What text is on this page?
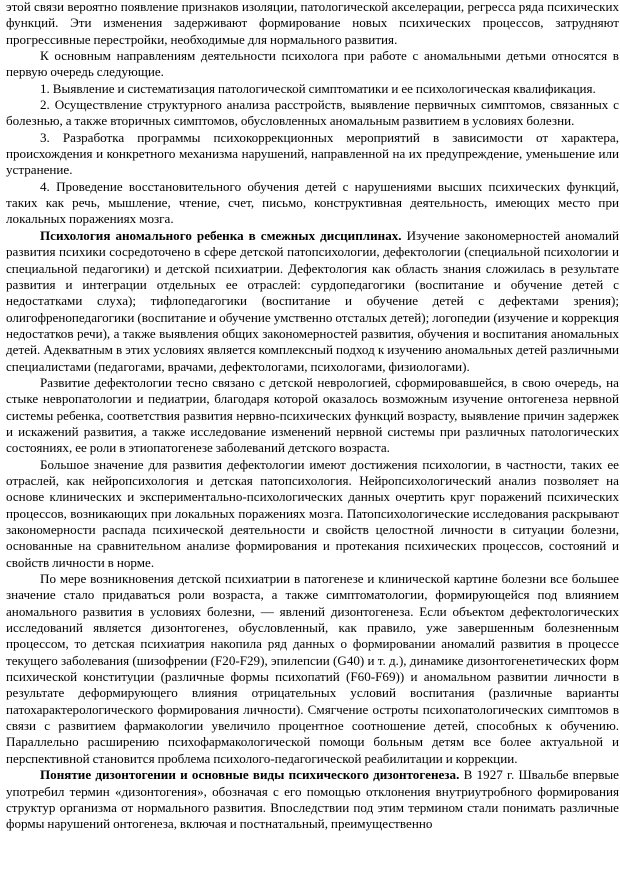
этой связи вероятно появление признаков изоляции, патологической акселерации, регресса ряда психических функций. Эти изменения задерживают формирование новых психических процессов, затрудняют прогрессивные перестройки, необходимые для нормального развития.

К основным направлениям деятельности психолога при работе с аномальными детьми относятся в первую очередь следующие.

1. Выявление и систематизация патологической симптоматики и ее психологическая квалификация.

2. Осуществление структурного анализа расстройств, выявление первичных симптомов, связанных с болезнью, а также вторичных симптомов, обусловленных аномальным развитием в условиях болезни.

3. Разработка программы психокоррекционных мероприятий в зависимости от характера, происхождения и конкретного механизма нарушений, направленной на их предупреждение, уменьшение или устранение.

4. Проведение восстановительного обучения детей с нарушениями высших психических функций, таких как речь, мышление, чтение, счет, письмо, конструктивная деятельность, имеющих место при локальных поражениях мозга.

Психология аномального ребенка в смежных дисциплинах. Изучение закономерностей аномалий развития психики сосредоточено в сфере детской патопсихологии, дефектологии (специальной психологии и специальной педагогики) и детской психиатрии. Дефектология как область знания сложилась в результате развития и интеграции отдельных ее отраслей: сурдопедагогики (воспитание и обучение детей с недостатками слуха); тифлопедагогики (воспитание и обучение детей с дефектами зрения); олигофренопедагогики (воспитание и обучение умственно отсталых детей); логопедии (изучение и коррекция недостатков речи), а также выявления общих закономерностей развития, обучения и воспитания аномальных детей. Адекватным в этих условиях является комплексный подход к изучению аномальных детей различными специалистами (педагогами, врачами, дефектологами, психологами, физиологами).

Развитие дефектологии тесно связано с детской неврологией, сформировавшейся, в свою очередь, на стыке невропатологии и педиатрии, благодаря которой оказалось возможным изучение онтогенеза нервной системы ребенка, соответствия развития нервно-психических функций возрасту, выявление причин задержек и искажений развития, а также исследование изменений нервной системы при различных патологических состояниях, ее роли в этиопатогенезе заболеваний детского возраста.

Большое значение для развития дефектологии имеют достижения психологии, в частности, таких ее отраслей, как нейропсихология и детская патопсихология. Нейропсихологический анализ позволяет на основе клинических и экспериментально-психологических данных очертить круг поражений психических процессов, возникающих при локальных поражениях мозга. Патопсихологические исследования раскрывают закономерности распада психической деятельности и свойств целостной личности в ситуации болезни, основанные на сравнительном анализе формирования и протекания психических процессов, состояний и свойств личности в норме.

По мере возникновения детской психиатрии в патогенезе и клинической картине болезни все большее значение стало придаваться роли возраста, а также симптоматологии, формирующейся под влиянием аномального развития в условиях болезни, — явлений дизонтогенеза. Если объектом дефектологических исследований является дизонтогенез, обусловленный, как правило, уже завершенным болезненным процессом, то детская психиатрия накопила ряд данных о формировании аномалий развития в процессе текущего заболевания (шизофрении (F20-F29), эпилепсии (G40) и т. д.), динамике дизонтогенетических форм психической конституции (различные формы психопатий (F60-F69)) и аномальном развитии личности в результате деформирующего влияния отрицательных условий воспитания (различные варианты патохарактерологического формирования личности). Смягчение остроты психопатологических симптомов в связи с развитием фармакологии увеличило процентное соотношение детей, способных к обучению. Параллельно расширению психофармакологической помощи больным детям все более актуальной и перспективной становится проблема психолого-педагогической реабилитации и коррекции.

Понятие дизонтогении и основные виды психического дизонтогенеза. В 1927 г. Швальбе впервые употребил термин «дизонтогения», обозначая с его помощью отклонения внутриутробного формирования структур организма от нормального развития. Впоследствии под этим термином стали понимать различные формы нарушений онтогенеза, включая и постнатальный, преимущественно
